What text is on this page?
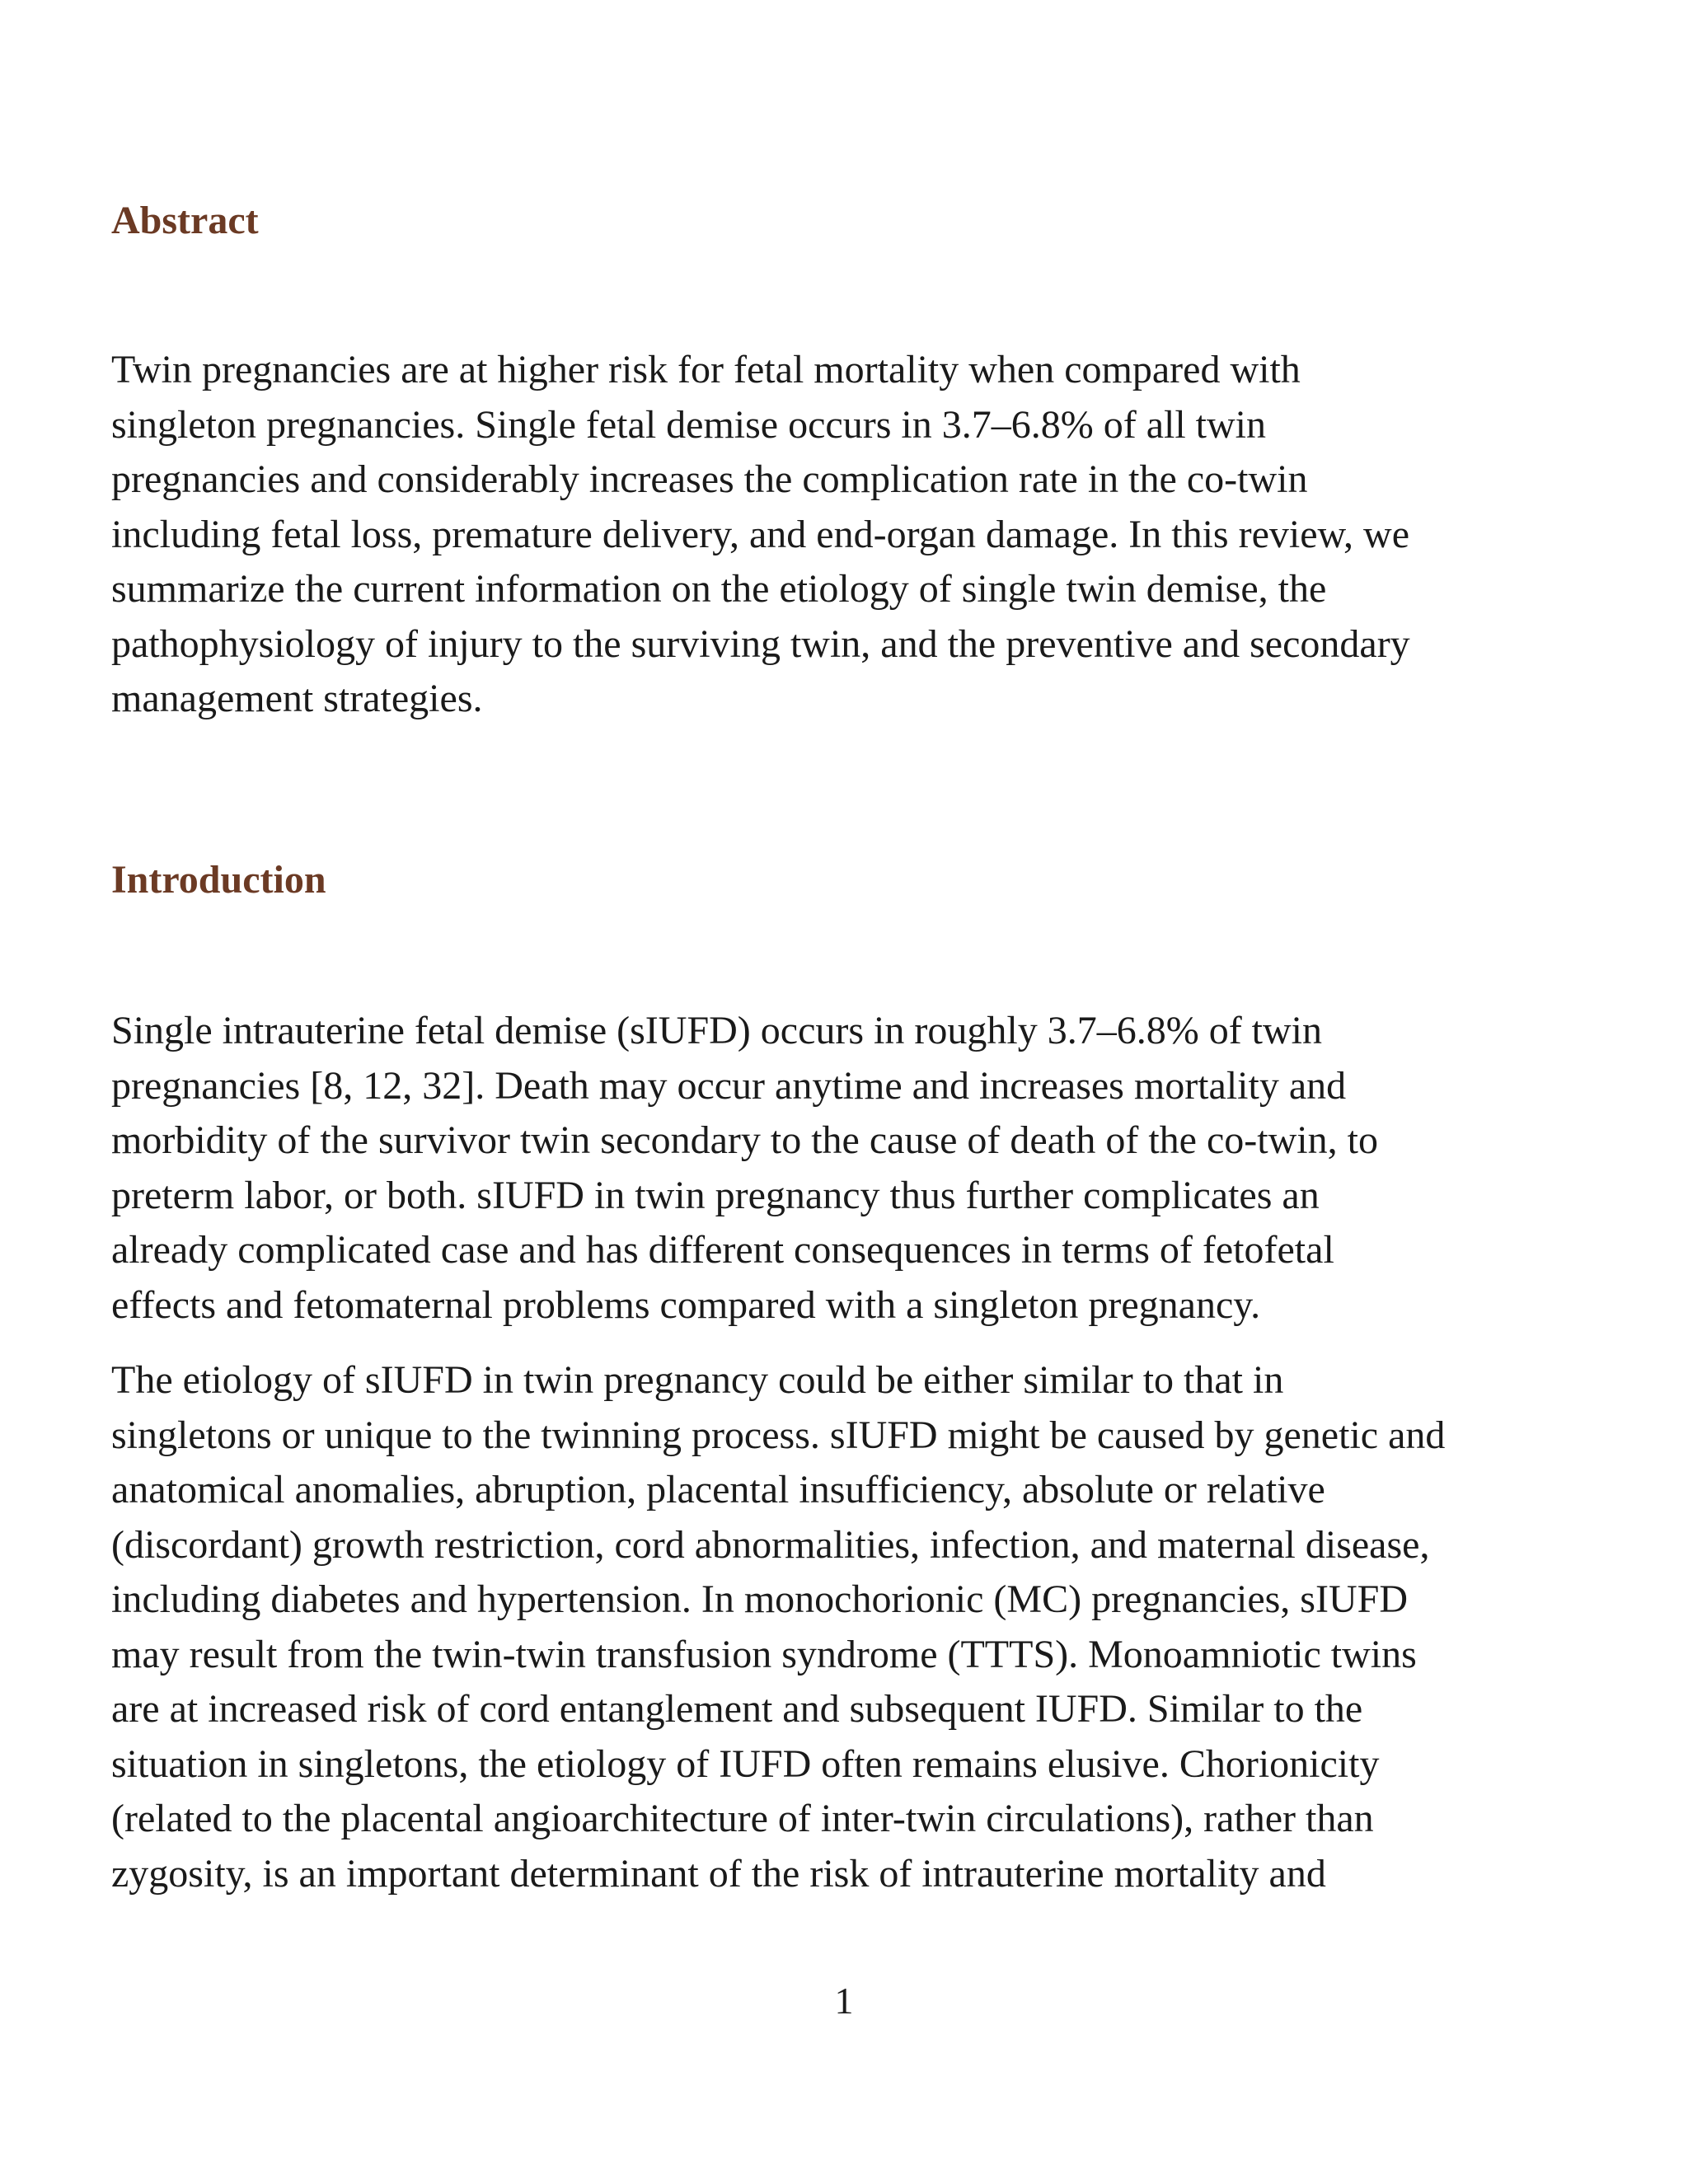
Abstract

Twin pregnancies are at higher risk for fetal mortality when compared with
singleton pregnancies. Single fetal demise occurs in 3.7–6.8% of all twin
pregnancies and considerably increases the complication rate in the co-twin
including fetal loss, premature delivery, and end-organ damage. In this review, we
summarize the current information on the etiology of single twin demise, the
pathophysiology of injury to the surviving twin, and the preventive and secondary
management strategies.

Introduction

Single intrauterine fetal demise (sIUFD) occurs in roughly 3.7–6.8% of twin
pregnancies [8, 12, 32]. Death may occur anytime and increases mortality and
morbidity of the survivor twin secondary to the cause of death of the co-twin, to
preterm labor, or both. sIUFD in twin pregnancy thus further complicates an
already complicated case and has different consequences in terms of fetofetal
effects and fetomaternal problems compared with a singleton pregnancy.

The etiology of sIUFD in twin pregnancy could be either similar to that in
singletons or unique to the twinning process. sIUFD might be caused by genetic and
anatomical anomalies, abruption, placental insufficiency, absolute or relative
(discordant) growth restriction, cord abnormalities, infection, and maternal disease,
including diabetes and hypertension. In monochorionic (MC) pregnancies, sIUFD
may result from the twin-twin transfusion syndrome (TTTS). Monoamniotic twins
are at increased risk of cord entanglement and subsequent IUFD. Similar to the
situation in singletons, the etiology of IUFD often remains elusive. Chorionicity
(related to the placental angioarchitecture of inter-twin circulations), rather than
zygosity, is an important determinant of the risk of intrauterine mortality and

1
